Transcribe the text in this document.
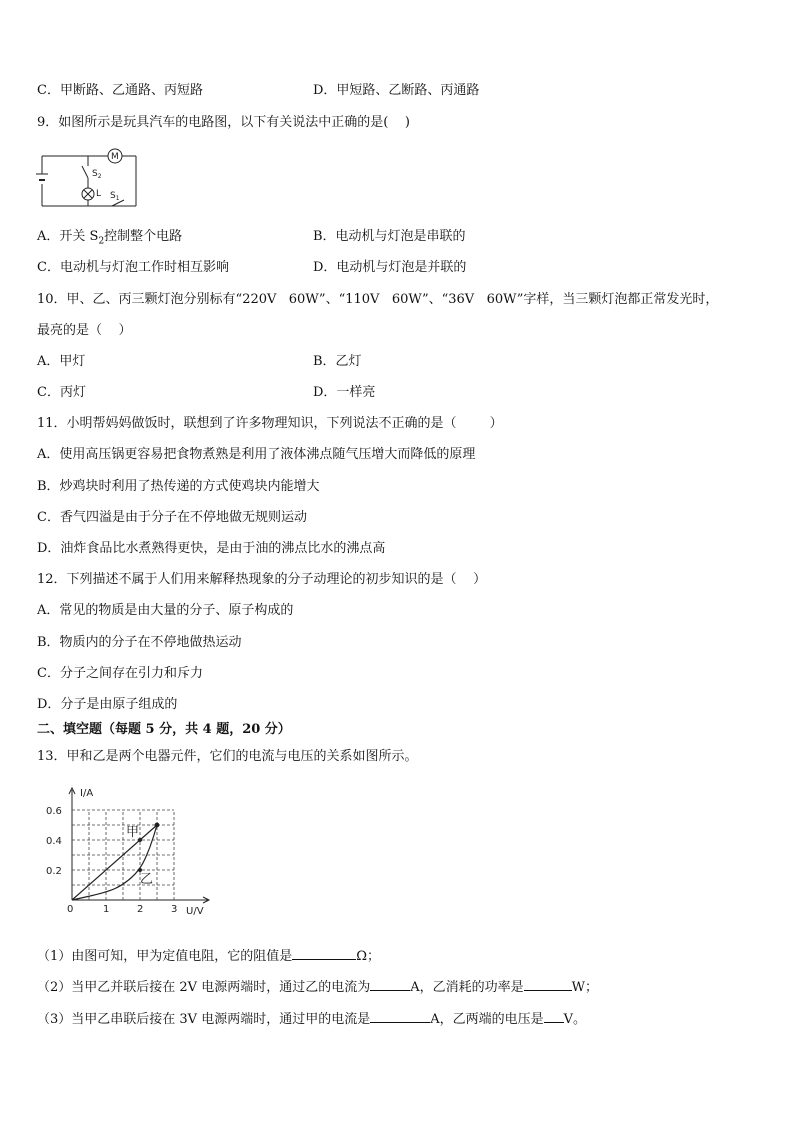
C．甲断路、乙通路、丙短路	D．甲短路、乙断路、丙通路
9．如图所示是玩具汽车的电路图，以下有关说法中正确的是(    )
M
$S_2$
L $S_1$
A．开关 $S_2$控制整个电路	B．电动机与灯泡是串联的
C．电动机与灯泡工作时相互影响	D．电动机与灯泡是并联的
10．甲、乙、丙三颗灯泡分别标有“220V   60W”、“110V   60W”、“36V   60W”字样，当三颗灯泡都正常发光时，
最亮的是（    ）
A．甲灯	B．乙灯
C．丙灯	D．一样亮
11．小明帮妈妈做饭时，联想到了许多物理知识，下列说法不正确的是（        ）
A．使用高压锅更容易把食物煮熟是利用了液体沸点随气压增大而降低的原理
B．炒鸡块时利用了热传递的方式使鸡块内能增大
C．香气四溢是由于分子在不停地做无规则运动
D．油炸食品比水煮熟得更快，是由于油的沸点比水的沸点高
12．下列描述不属于人们用来解释热现象的分子动理论的初步知识的是（    ）
A．常见的物质是由大量的分子、原子构成的
B．物质内的分子在不停地做热运动
C．分子之间存在引力和斥力
D．分子是由原子组成的
二、填空题（每题 5 分，共 4 题，20 分）
13．甲和乙是两个电器元件，它们的电流与电压的关系如图所示。
0.6
0.4
0.2
0	1	2	3
I/A
U/V
甲
乙
（1）由图可知，甲为定值电阻，它的阻值是	Ω；
（2）当甲乙并联后接在 2V 电源两端时，通过乙的电流为	A，乙消耗的功率是	W；
（3）当甲乙串联后接在 3V 电源两端时，通过甲的电流是	A，乙两端的电压是 V。
